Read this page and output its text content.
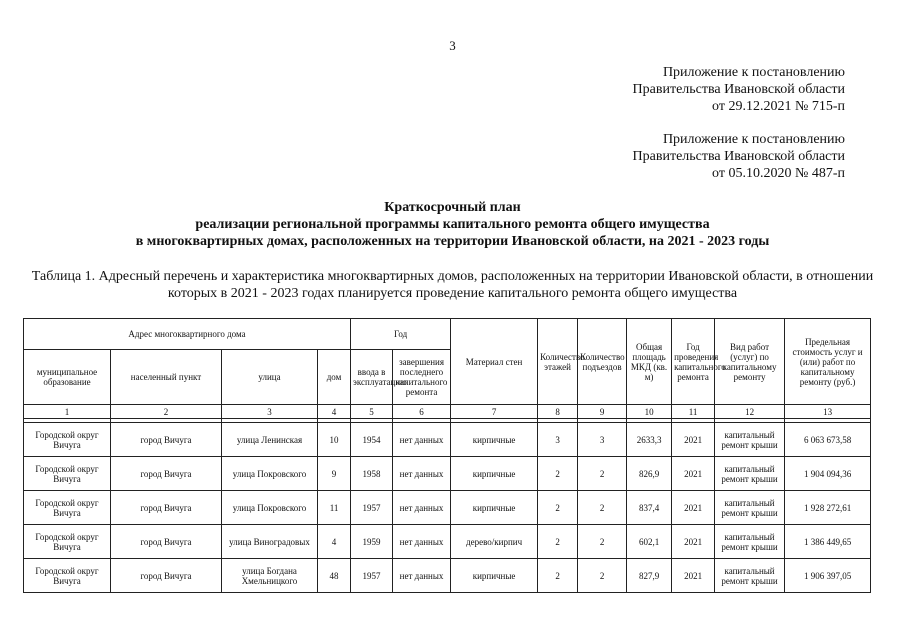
3
Приложение к постановлению
Правительства Ивановской области
от 29.12.2021 № 715-п
Приложение к постановлению
Правительства Ивановской области
от 05.10.2020 № 487-п
Краткосрочный план
реализации региональной программы капитального ремонта общего имущества
в многоквартирных домах, расположенных на территории Ивановской области, на 2021 - 2023 годы
Таблица 1. Адресный перечень и характеристика многоквартирных домов, расположенных на территории Ивановской области, в отношении которых в 2021 - 2023 годах планируется проведение капитального ремонта общего имущества
Адрес многоквартирного дома				Год		Материал стен	Количество этажей	Количество подъездов	Общая площадь МКД (кв. м)	Год проведения капитального ремонта	Вид работ (услуг) по капитальному ремонту	Предельная стоимость услуг и (или) работ по капитальному ремонту (руб.)
муниципальное образование	населенный пункт	улица	дом	ввода в эксплуатацию	завершения последнего капитального ремонта							
1	2	3	4	5	6	7	8	9	10	11	12	13

Городской округ Вичуга	город Вичуга	улица Ленинская	10	1954	нет данных	кирпичные	3	3	2633,3	2021	капитальный ремонт крыши	6 063 673,58
Городской округ Вичуга	город Вичуга	улица Покровского	9	1958	нет данных	кирпичные	2	2	826,9	2021	капитальный ремонт крыши	1 904 094,36
Городской округ Вичуга	город Вичуга	улица Покровского	11	1957	нет данных	кирпичные	2	2	837,4	2021	капитальный ремонт крыши	1 928 272,61
Городской округ Вичуга	город Вичуга	улица Виноградовых	4	1959	нет данных	дерево/кирпич	2	2	602,1	2021	капитальный ремонт крыши	1 386 449,65
Городской округ Вичуга	город Вичуга	улица Богдана Хмельницкого	48	1957	нет данных	кирпичные	2	2	827,9	2021	капитальный ремонт крыши	1 906 397,05
